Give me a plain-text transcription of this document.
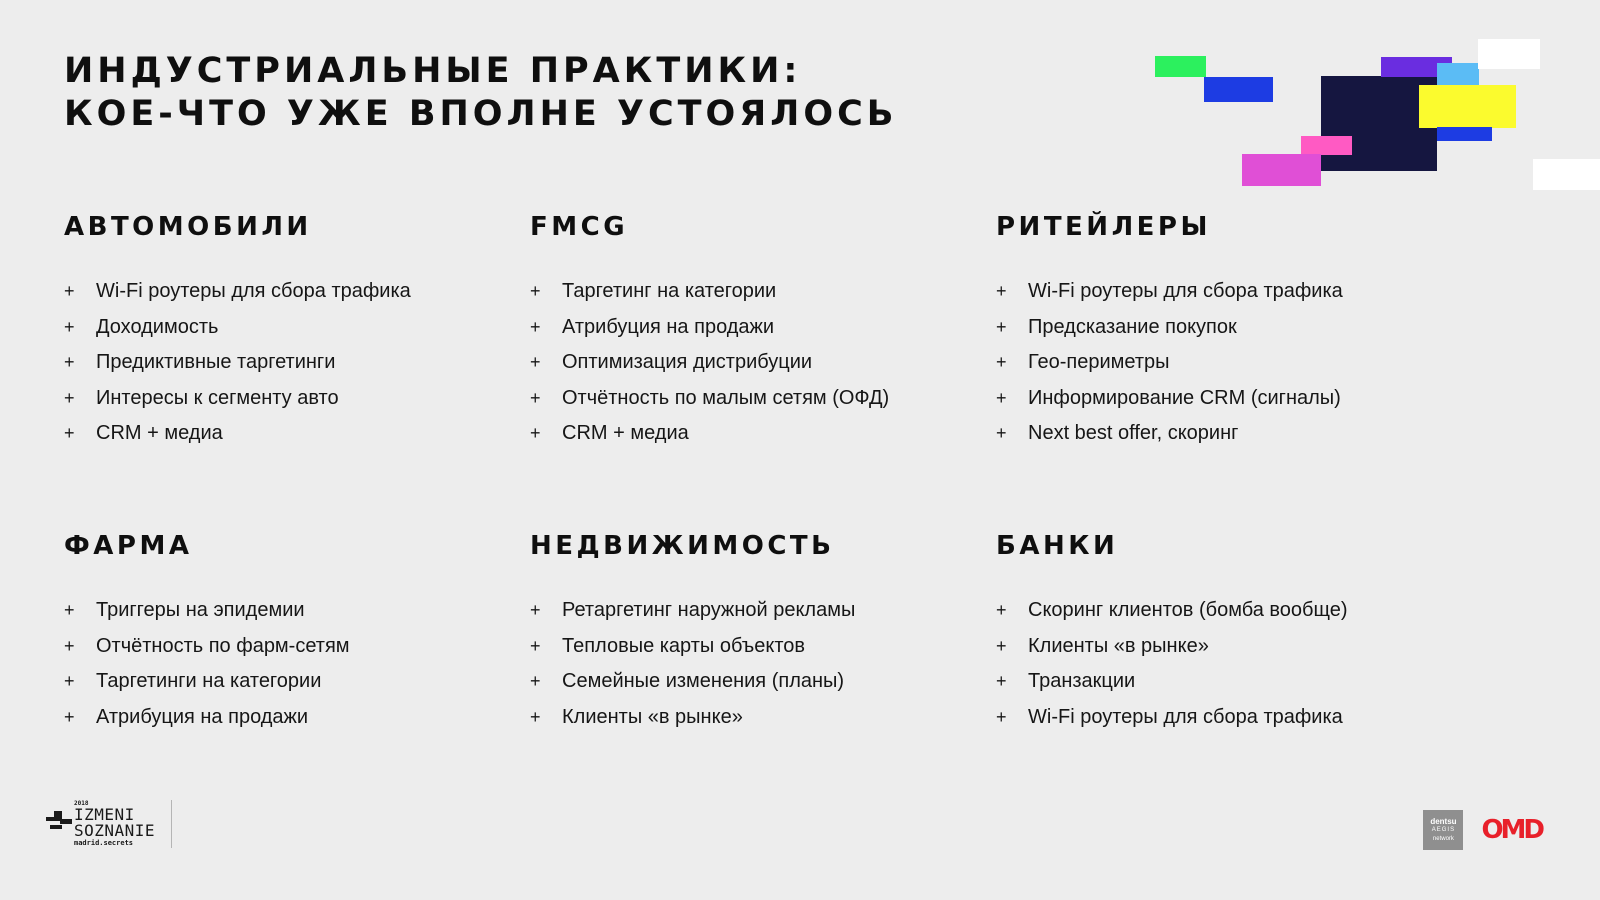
ИНДУСТРИАЛЬНЫЕ ПРАКТИКИ:
КОЕ-ЧТО УЖЕ ВПОЛНЕ УСТОЯЛОСЬ
АВТОМОБИЛИ
+	Wi-Fi роутеры для сбора трафика
+	Доходимость
+	Предиктивные таргетинги
+	Интересы к сегменту авто
+	CRM + медиа
FMCG
+	Таргетинг на категории
+	Атрибуция на продажи
+	Оптимизация дистрибуции
+	Отчётность по малым сетям (ОФД)
+	CRM + медиа
РИТЕЙЛЕРЫ
+	Wi-Fi роутеры для сбора трафика
+	Предсказание покупок
+	Гео-периметры
+	Информирование CRM (сигналы)
+	Next best offer, скоринг
ФАРМА
+	Триггеры на эпидемии
+	Отчётность по фарм-сетям
+	Таргетинги на категории
+	Атрибуция на продажи
НЕДВИЖИМОСТЬ
+	Ретаргетинг наружной рекламы
+	Тепловые карты объектов
+	Семейные изменения (планы)
+	Клиенты «в рынке»
БАНКИ
+	Скоринг клиентов (бомба вообще)
+	Клиенты «в рынке»
+	Транзакции
+	Wi-Fi роутеры для сбора трафика
2018
IZMENI
SOZNANIE
madrid.secrets
dentsu
AEGIS
network OMD
